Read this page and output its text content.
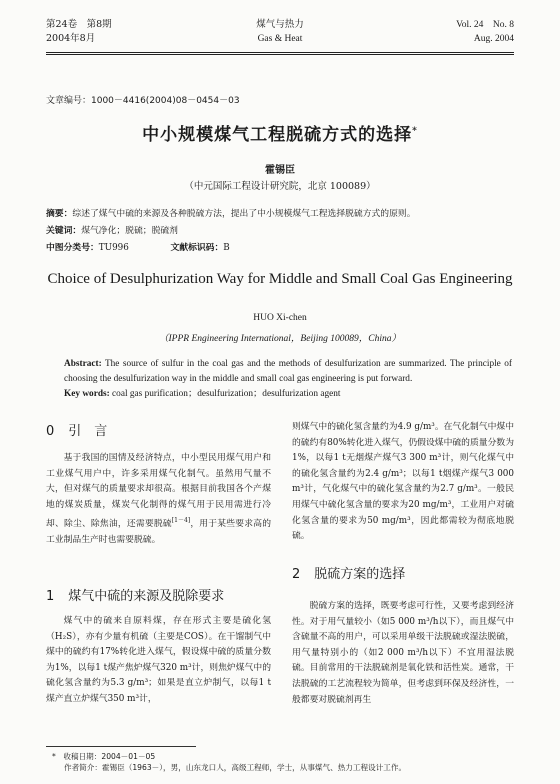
第24卷　第8期
2004年8月
煤气与热力
Gas & Heat
Vol. 24　No. 8
Aug. 2004
文章编号：1000－4416(2004)08－0454－03
中小规模煤气工程脱硫方式的选择*
霍锡臣
（中元国际工程设计研究院，北京 100089）
摘要：综述了煤气中硫的来源及各种脱硫方法，提出了中小规模煤气工程选择脱硫方式的原则。
关键词：煤气净化；脱硫；脱硫剂
中图分类号：TU996	文献标识码：B
Choice of Desulphurization Way for Middle and Small Coal Gas Engineering
HUO Xi-chen
（IPPR Engineering International，Beijing 100089，China）
Abstract: The source of sulfur in the coal gas and the methods of desulfurization are summarized. The principle of choosing the desulfurization way in the middle and small coal gas engineering is put forward.
Key words: coal gas purification；desulfurization；desulfurization agent
0 引　言

基于我国的国情及经济特点，中小型民用煤气用户和工业煤气用户中，许多采用煤气化制气。虽然用气量不大，但对煤气的质量要求却很高。根据目前我国各个产煤地的煤炭质量，煤炭气化制得的煤气用于民用需进行冷却、除尘、除焦油，还需要脱硫[1－4]，用于某些要求高的工业制品生产时也需要脱硫。

1 煤气中硫的来源及脱除要求

煤气中的硫来自原料煤，存在形式主要是硫化氢（H₂S），亦有少量有机硫（主要是COS）。在干馏制气中煤中的硫约有17%转化进入煤气，假设煤中硫的质量分数为1%，以每1 t煤产焦炉煤气320 m³计，则焦炉煤气中的硫化氢含量约为5.3 g/m³；如果是直立炉制气，以每1 t煤产直立炉煤气350 m³计，

则煤气中的硫化氢含量约为4.9 g/m³。在气化制气中煤中的硫约有80%转化进入煤气，仍假设煤中硫的质量分数为1%，以每1 t无烟煤产煤气3 300 m³计，则气化煤气中的硫化氢含量约为2.4 g/m³；以每1 t烟煤产煤气3 000 m³计，气化煤气中的硫化氢含量约为2.7 g/m³。一般民用煤气中硫化氢含量的要求为20 mg/m³，工业用户对硫化氢含量的要求为50 mg/m³，因此都需较为彻底地脱硫。

2 脱硫方案的选择

脱硫方案的选择，既要考虑可行性，又要考虑到经济性。对于用气量较小（如5 000 m³/h以下），而且煤气中含硫量不高的用户，可以采用单级干法脱硫或湿法脱硫，用气量特别小的（如2 000 m³/h以下）不宜用湿法脱硫。目前常用的干法脱硫剂是氧化铁和活性炭。通常，干法脱硫的工艺流程较为简单，但考虑到环保及经济性，一般都要对脱硫剂再生

*　 收稿日期：2004－01－05
作者简介：霍锡臣（1963－），男，山东龙口人，高级工程师，学士，从事煤气、热力工程设计工作。
